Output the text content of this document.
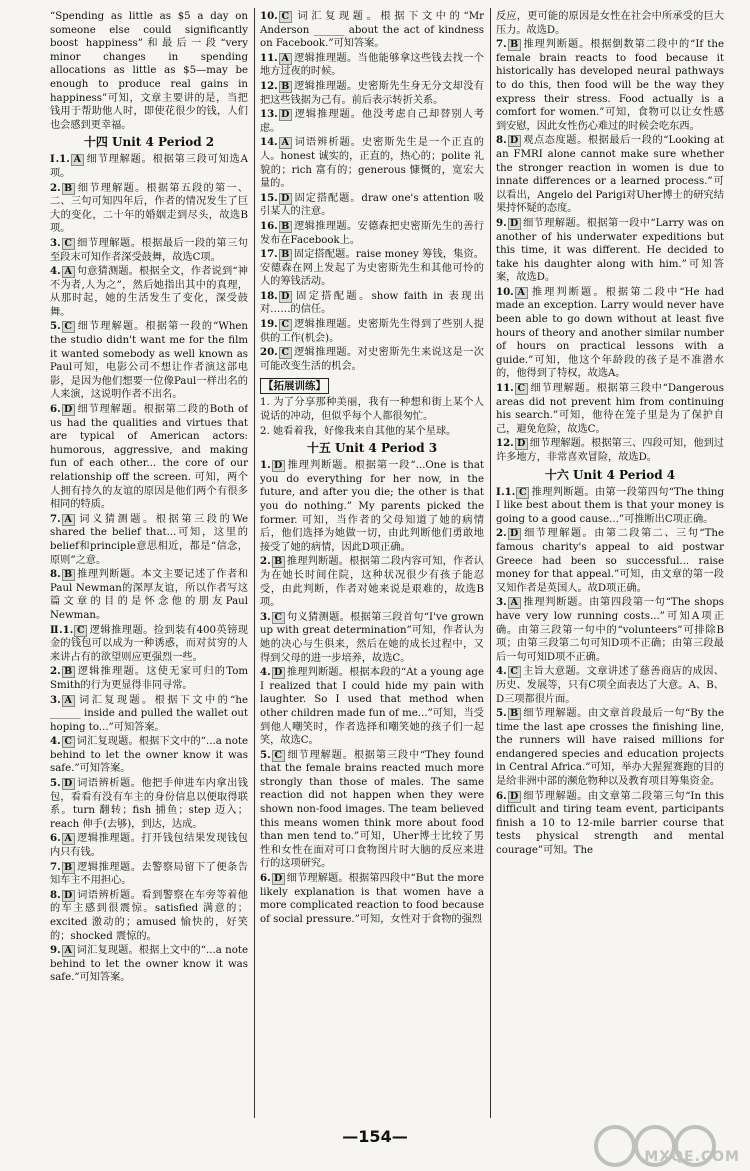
“Spending as little as $5 a day on someone else could significantly boost happiness”和最后一段“very minor changes in spending allocations as little as $5—may be enough to produce real gains in happiness”可知，文章主要讲的是，当把钱用于帮助他人时，即使花很少的钱，人们也会感到更幸福。
十四 Unit 4 Period 2
Ⅰ.1. A 细节理解题。根据第三段可知选A项。
2. B 细节理解题。根据第五段的第一、二、三句可知四年后，作者的情况发生了巨大的变化，二十年的婚姻走到尽头，故选B项。
3. C 细节理解题。根据最后一段的第三句至段末可知作者深受鼓舞，故选C项。
4. A 句意猜测题。根据全文，作者说到“神不为者,人为之”，然后她指出其中的真理，从那时起，她的生活发生了变化，深受鼓舞。
5. C 细节理解题。根据第一段的“When the studio didn't want me for the film it wanted somebody as well known as Paul可知，电影公司不想让作者演这部电影，是因为他们想要一位像Paul一样出名的人来演，这说明作者不出名。
6. D 细节理解题。根据第二段的Both of us had the qualities and virtues that are typical of American actors: humorous, aggressive, and making fun of each other... the core of our relationship off the screen. 可知，两个人拥有持久的友谊的原因是他们两个有很多相同的特质。
7. A 词义猜测题。根据第三段的We shared the belief that...可知，这里的belief和principle意思相近，都是“信念，原则”之意。
8. B 推理判断题。本文主要记述了作者和Paul Newman的深厚友谊，所以作者写这篇文章的目的是怀念他的朋友Paul Newman。
Ⅱ.1. C 逻辑推理题。捡到装有400英镑现金的钱包可以成为一种诱惑，而对贫穷的人来讲占有的欲望则应更强烈一些。
2. B 逻辑推理题。这使无家可归的Tom Smith的行为更显得非同寻常。
3. A 词汇复现题。根据下文中的“he ______ inside and pulled the wallet out hoping to...”可知答案。
4. C 词汇复现题。根据下文中的“...a note behind to let the owner know it was safe.”可知答案。
5. D 词语辨析题。他把手伸进车内拿出钱包，看看有没有车主的身份信息以便取得联系。turn 翻转；fish 捕鱼；step 迈入；reach 伸手(去够)，到达，达成。
6. A 逻辑推理题。打开钱包结果发现钱包内只有钱。
7. B 逻辑推理题。去警察局留下了便条告知车主不用担心。
8. D 词语辨析题。看到警察在车旁等着他的车主感到很震惊。satisfied 满意的；excited 激动的；amused 愉快的，好笑的；shocked 震惊的。
9. A 词汇复现题。根据上文中的“...a note behind to let the owner know it was safe.”可知答案。
10. C 词汇复现题。根据下文中的“Mr Anderson ______ about the act of kindness on Facebook.”可知答案。
11. A 逻辑推理题。当他能够拿这些钱去找一个地方过夜的时候。
12. B 逻辑推理题。史密斯先生身无分文却没有把这些钱据为己有。前后表示转折关系。
13. D 逻辑推理题。他没考虑自己却替别人考虑。
14. A 词语辨析题。史密斯先生是一个正直的人。honest 诚实的，正直的，热心的；polite 礼貌的；rich 富有的；generous 慷慨的，宽宏大量的。
15. D 固定搭配题。draw one's attention 吸引某人的注意。
16. B 逻辑推理题。安德森把史密斯先生的善行发布在Facebook上。
17. B 固定搭配题。raise money 筹钱，集资。安德森在网上发起了为史密斯先生和其他可怜的人的筹钱活动。
18. D 固定搭配题。show faith in 表现出对……的信任。
19. C 逻辑推理题。史密斯先生得到了些别人提供的工作(机会)。
20. C 逻辑推理题。对史密斯先生来说这是一次可能改变生活的机会。
【拓展训练】
1. 为了分享那种美丽，我有一种想和街上某个人说话的冲动，但似乎每个人都很匆忙。
2. 她看着我，好像我来自其他的某个星球。
十五 Unit 4 Period 3
1. D 推理判断题。根据第一段“...One is that you do everything for her now, in the future, and after you die; the other is that you do nothing.” My parents picked the former. 可知，当作者的父母知道了她的病情后，他们选择为她做一切，由此判断他们勇敢地接受了她的病情，因此D项正确。
2. B 推理判断题。根据第二段内容可知，作者认为在她长时间住院，这种状况很少有孩子能忍受，由此判断，作者对她来说是艰难的，故选B项。
3. C 句义猜测题。根据第三段首句“I've grown up with great determination”可知，作者认为她的决心与生俱来，然后在她的成长过程中，又得到父母的进一步培养，故选C。
4. D 推理判断题。根据本段的“At a young age I realized that I could hide my pain with laughter. So I used that method when other children made fun of me...”可知，当受到他人嘲笑时，作者选择和嘲笑她的孩子们一起笑，故选C。
5. C 细节理解题。根据第三段中“They found that the female brains reacted much more strongly than those of males. The same reaction did not happen when they were shown non-food images. The team believed this means women think more about food than men tend to.”可知，Uher博士比较了男性和女性在面对可口食物图片时大脑的反应来进行的这项研究。
6. D 细节理解题。根据第四段中“But the more likely explanation is that women have a more complicated reaction to food because of social pressure.”可知，女性对于食物的强烈
反应，更可能的原因是女性在社会中所承受的巨大压力。故选D。
7. B 推理判断题。根据倒数第二段中的“If the female brain reacts to food because it historically has developed neural pathways to do this, then food will be the way they express their stress. Food actually is a comfort for women.”可知，食物可以让女性感到安慰，因此女性伤心难过的时候会吃东西。
8. D 观点态度题。根据最后一段的“Looking at an FMRI alone cannot make sure whether the stronger reaction in women is due to innate differences or a learned process.”可以看出，Angelo del Parigi对Uher博士的研究结果持怀疑的态度。
9. D 细节理解题。根据第一段中“Larry was on another of his underwater expeditions but this time, it was different. He decided to take his daughter along with him.”可知答案，故选D。
10. A 推理判断题。根据第二段中“He had made an exception. Larry would never have been able to go down without at least five hours of theory and another similar number of hours on practical lessons with a guide.”可知，他这个年龄段的孩子是不准潜水的，他得到了特权，故选A。
11. C 细节理解题。根据第三段中“Dangerous areas did not prevent him from continuing his search.”可知，他待在笼子里是为了保护自己，避免危险，故选C。
12. D 细节理解题。根据第三、四段可知，他到过许多地方，非常喜欢冒险，故选D。
十六 Unit 4 Period 4
Ⅰ.1. C 推理判断题。由第一段第四句“The thing I like best about them is that your money is going to a good cause...”可推断出C项正确。
2. D 细节理解题。由第二段第二、三句“The famous charity's appeal to aid postwar Greece had been so successful... raise money for that appeal.”可知，由文章的第一段又知作者是英国人。故D项正确。
3. A 推理判断题。由第四段第一句“The shops have very low running costs...”可知A项正确。由第三段第一句中的“volunteers”可排除B项；由第三段第二句可知D项不正确；由第三段最后一句可知D项不正确。
4. C 主旨大意题。文章讲述了慈善商店的成因、历史、发展等，只有C项全面表达了大意。A、B、D三项都很片面。
5. B 细节理解题。由文章首段最后一句“By the time the last ape crosses the finishing line, the runners will have raised millions for endangered species and education projects in Central Africa.”可知，举办大猩猩赛跑的目的是给非洲中部的濒危物种以及教育项目筹集资金。
6. D 细节理解题。由文章第二段第三句“In this difficult and tiring team event, participants finish a 10 to 12-mile barrier course that tests physical strength and mental courage”可知。The
—154—
MXQE.COM
